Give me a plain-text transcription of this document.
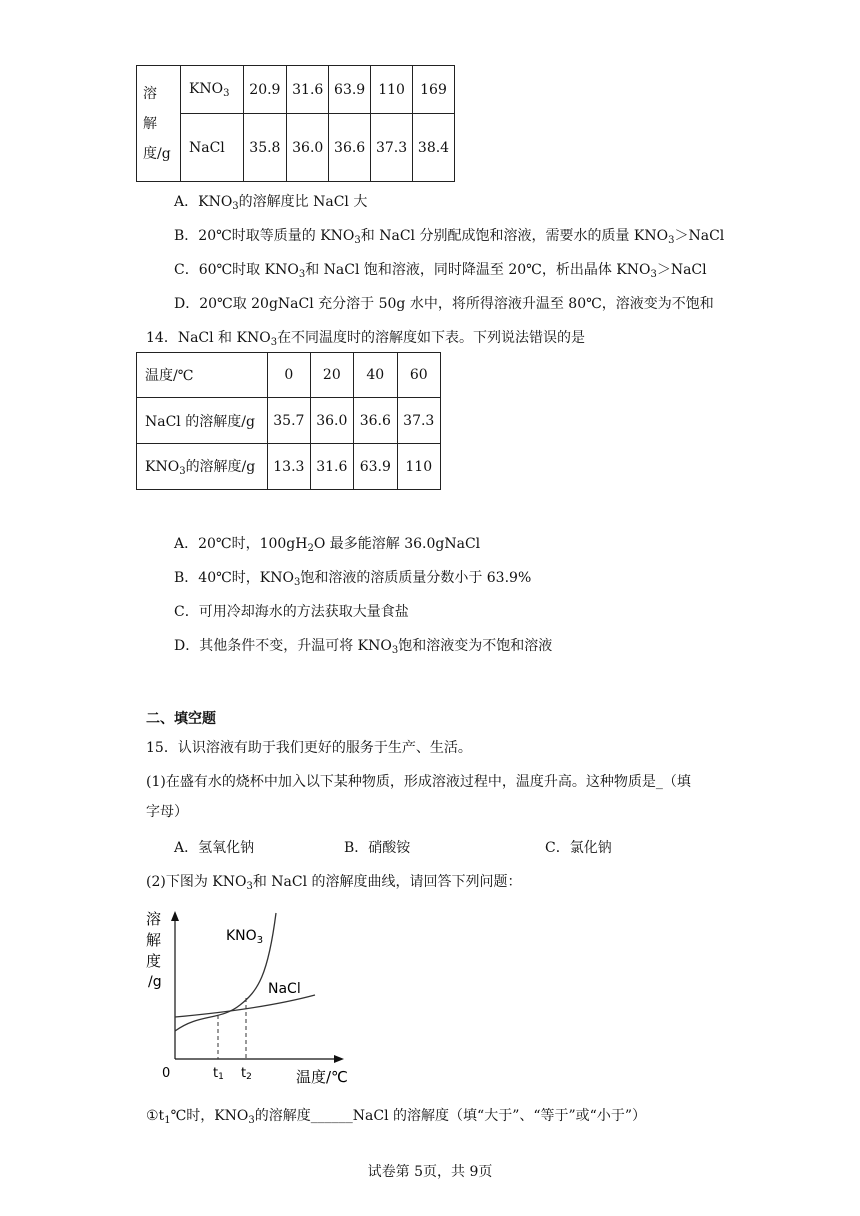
溶
解
度/g	$KNO_3$	20.9	31.6	63.9	110	169
	NaCl	35.8	36.0	36.6	37.3	38.4
A．$KNO_3$的溶解度比 NaCl 大
B．20℃时取等质量的 $KNO_3$和 NaCl 分别配成饱和溶液，需要水的质量 $KNO_3>NaCl$
C．60℃时取 $KNO_3$和 NaCl 饱和溶液，同时降温至 20℃，析出晶体 $KNO_3>NaCl$
D．20℃取 20gNaCl 充分溶于 50g 水中，将所得溶液升温至 80℃，溶液变为不饱和
14．NaCl 和 $KNO_3$在不同温度时的溶解度如下表。下列说法错误的是
温度/℃	0	20	40	60
NaCl 的溶解度/g	35.7	36.0	36.6	37.3
$KNO_3$的溶解度/g	13.3	31.6	63.9	110
A．20℃时，$100gH_2O$ 最多能溶解 36.0gNaCl
B．40℃时，$KNO_3$饱和溶液的溶质质量分数小于 63.9%
C．可用冷却海水的方法获取大量食盐
D．其他条件不变，升温可将 $KNO_3$饱和溶液变为不饱和溶液
二、填空题
15．认识溶液有助于我们更好的服务于生产、生活。
(1)在盛有水的烧杯中加入以下某种物质，形成溶液过程中，温度升高。这种物质是_（填
字母）
A．氢氧化钠	B．硝酸铵	C．氯化钠
(2)下图为 $KNO_3$和 NaCl 的溶解度曲线，请回答下列问题：
溶
解
度
/g
$KNO_3$
NaCl
0	t1 t2	温度/℃
$①t_1℃$时，$KNO_3$的溶解度______NaCl 的溶解度（填“大于”、“等于”或“小于”）
试卷第 5页，共 9页
